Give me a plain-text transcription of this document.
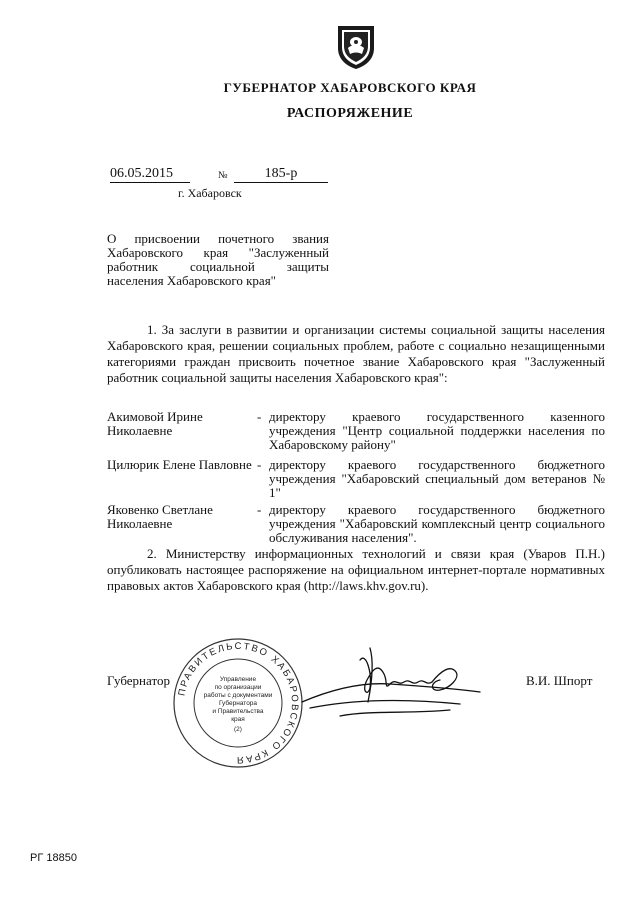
ГУБЕРНАТОР ХАБАРОВСКОГО КРАЯ
РАСПОРЯЖЕНИЕ
06.05.2015	№	185-р
г. Хабаровск
О присвоении почетного звания Хабаровского края "Заслуженный работник социальной защиты населения Хабаровского края"
1. За заслуги в развитии и организации системы социальной защиты населения Хабаровского края, решении социальных проблем, работе с социально незащищенными категориями граждан присвоить почетное звание Хабаровского края "Заслуженный работник социальной защиты населения Хабаровского края":
Акимовой Ирине Николаевне
- директору краевого государственного казенного учреждения "Центр социальной поддержки населения по Хабаровскому району"
Цилюрик Елене Павловне - директору краевого государственного бюджетного учреждения "Хабаровский специальный дом ветеранов № 1"
Яковенко Светлане Николаевне
- директору краевого государственного бюджетного учреждения "Хабаровский комплексный центр социального обслуживания населения".
2. Министерству информационных технологий и связи края (Уваров П.Н.) опубликовать настоящее распоряжение на официальном интернет-портале нормативных правовых актов Хабаровского края (http://laws.khv.gov.ru).
Губернатор	В.И. Шпорт
ПРАВИТЕЛЬСТВО ХАБАРОВСКОГО КРАЯ
Управление
по организации
работы с документами
Губернатора
и Правительства
края
(2)
РГ 18850
